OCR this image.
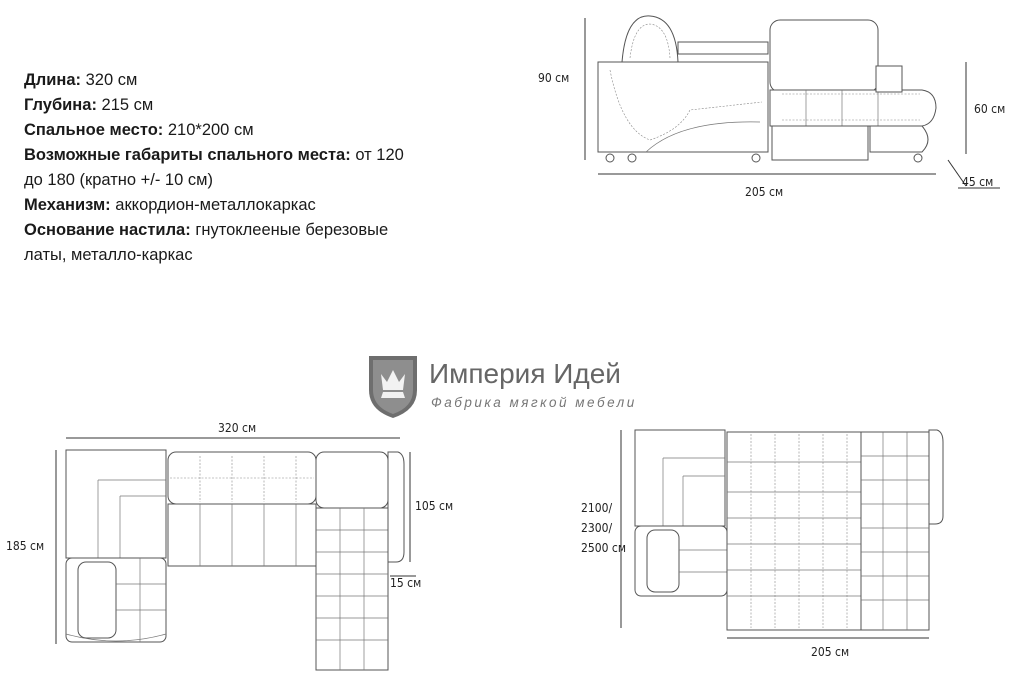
Длина: 320 см

Глубина: 215 см

Спальное место: 210*200 см

Возможные габариты спального места: от 120 до 180 (кратно +/- 10 см)

Механизм: аккордион-металлокаркас

Основание настила: гнутоклееные березовые латы, металло-каркас

90 см
205 см
60 см
45 см
Империя Идей
Фабрика мягкой мебели
320 см
185 см
105 см
15 см
2100/
2300/
2500 см
205 см
